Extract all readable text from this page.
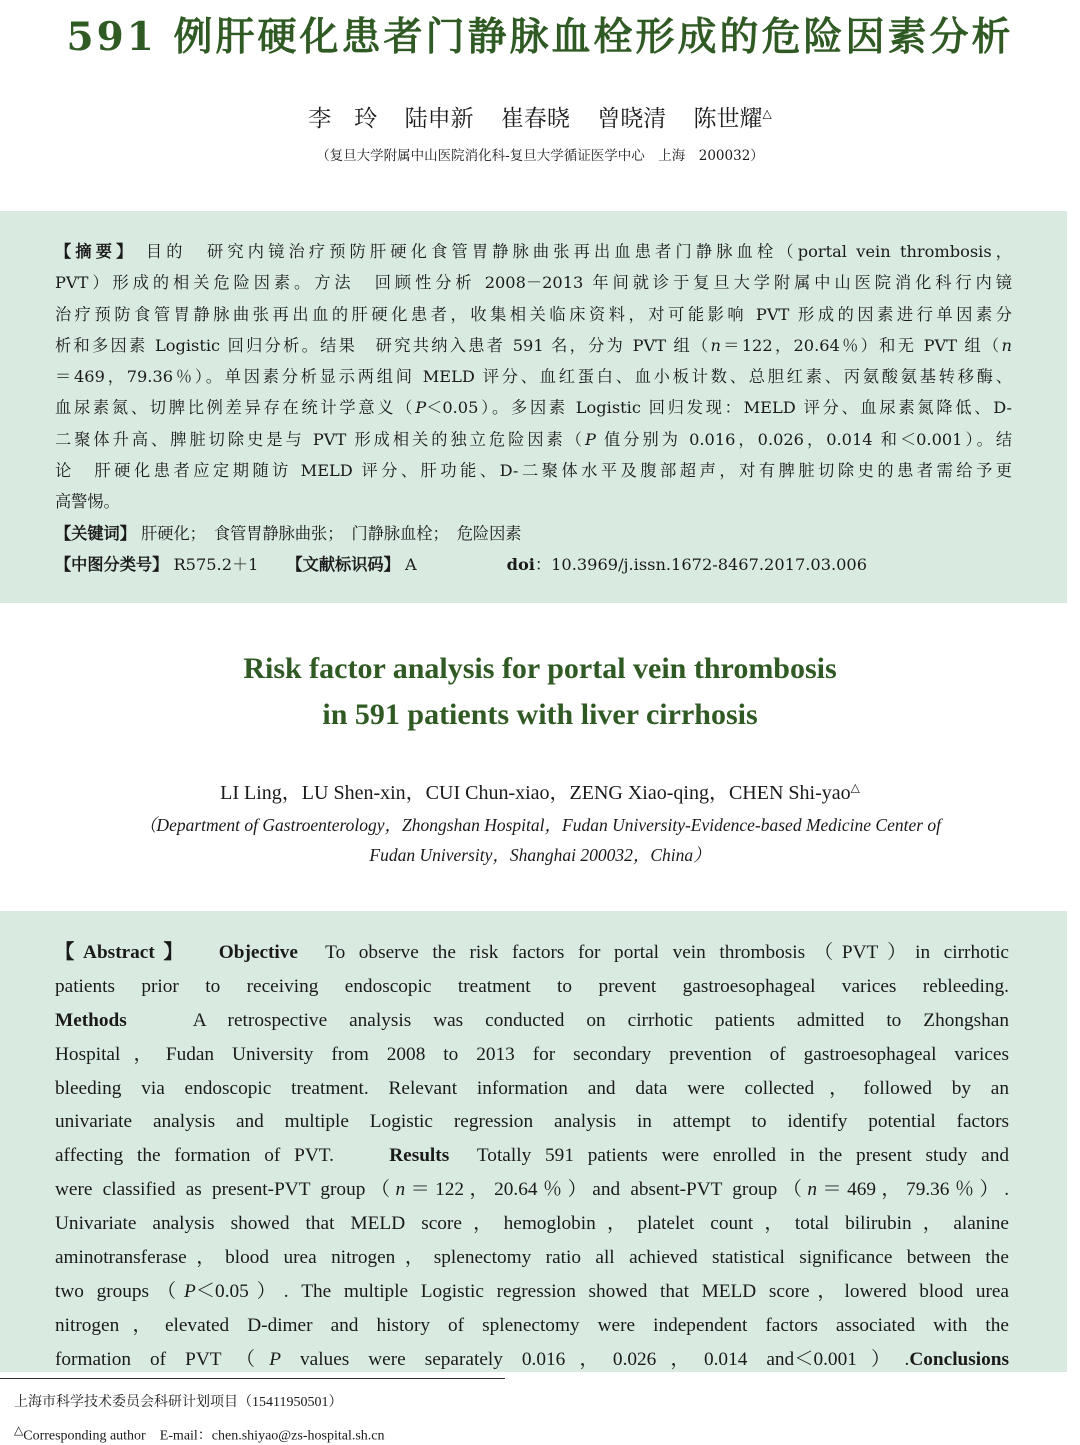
591 例肝硬化患者门静脉血栓形成的危险因素分析
李　玲 陆申新 崔春晓 曾晓清 陈世耀△
（复旦大学附属中山医院消化科-复旦大学循证医学中心　上海　200032）
【摘要】 目的　研究内镜治疗预防肝硬化食管胃静脉曲张再出血患者门静脉血栓（portal vein thrombosis，
PVT）形成的相关危险因素。方法　回顾性分析 2008－2013 年间就诊于复旦大学附属中山医院消化科行内镜
治疗预防食管胃静脉曲张再出血的肝硬化患者，收集相关临床资料，对可能影响 PVT 形成的因素进行单因素分
析和多因素 Logistic 回归分析。结果　研究共纳入患者 591 名，分为 PVT 组（n＝122，20.64％）和无 PVT 组（n
＝469，79.36％）。单因素分析显示两组间 MELD 评分、血红蛋白、血小板计数、总胆红素、丙氨酸氨基转移酶、
血尿素氮、切脾比例差异存在统计学意义（P＜0.05）。多因素 Logistic 回归发现：MELD 评分、血尿素氮降低、D-
二聚体升高、脾脏切除史是与 PVT 形成相关的独立危险因素（P 值分别为 0.016，0.026，0.014 和＜0.001）。结
论　肝硬化患者应定期随访 MELD 评分、肝功能、D-二聚体水平及腹部超声，对有脾脏切除史的患者需给予更
高警惕。
【关键词】 肝硬化；　食管胃静脉曲张；　门静脉血栓；　危险因素
【中图分类号】 R575.2＋1 【文献标识码】 A	doi：10.3969/j.issn.1672-8467.2017.03.006
Risk factor analysis for portal vein thrombosis
in 591 patients with liver cirrhosis
LI Ling，LU Shen-xin，CUI Chun-xiao，ZENG Xiao-qing，CHEN Shi-yao△
（Department of Gastroenterology，Zhongshan Hospital，Fudan University-Evidence-based Medicine Center of
Fudan University，Shanghai 200032，China）
【Abstract】 Objective To observe the risk factors for portal vein thrombosis（PVT）in cirrhotic
patients prior to receiving endoscopic treatment to prevent gastroesophageal varices rebleeding.
Methods	A retrospective analysis was conducted on cirrhotic patients admitted to Zhongshan
Hospital，Fudan University from 2008 to 2013 for secondary prevention of gastroesophageal varices
bleeding via endoscopic treatment. Relevant information and data were collected，followed by an
univariate analysis and multiple Logistic regression analysis in attempt to identify potential factors
affecting the formation of PVT.	Results Totally 591 patients were enrolled in the present study and
were classified as present-PVT group（n＝122，20.64％）and absent-PVT group（n＝469，79.36％）.
Univariate analysis showed that MELD score，hemoglobin，platelet count，total bilirubin，alanine
aminotransferase，blood urea nitrogen，splenectomy ratio all achieved statistical significance between the
two groups（P＜0.05）. The multiple Logistic regression showed that MELD score，lowered blood urea
nitrogen，elevated D-dimer and history of splenectomy were independent factors associated with the
formation of PVT（P values were separately 0.016，0.026，0.014 and＜0.001）.Conclusions
上海市科学技术委员会科研计划项目（15411950501）
△Corresponding author　E-mail：chen.shiyao@zs-hospital.sh.cn
